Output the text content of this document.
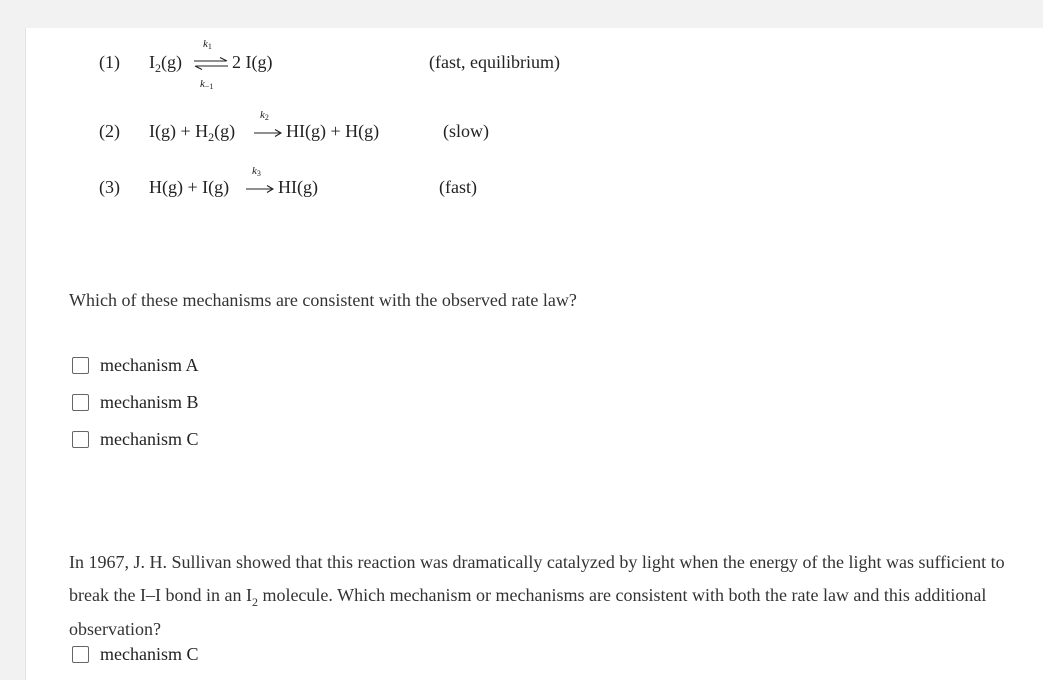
(1) $I_2(g)$
$k_1$
$k_{-1}$
2 I(g)	(fast, equilibrium)
(2) $I(g) + H_2(g)$
$k_2$
→ HI(g) + H(g)	(slow)
(3) H(g) + I(g)
$k_3$
→ HI(g)	(fast)
Which of these mechanisms are consistent with the observed rate law?
mechanism A
mechanism B
mechanism C
In 1967, J. H. Sullivan showed that this reaction was dramatically catalyzed by light when the energy of the light was sufficient to break the I–I bond in an $I_2$ molecule. Which mechanism or mechanisms are consistent with both the rate law and this additional observation?
mechanism C
